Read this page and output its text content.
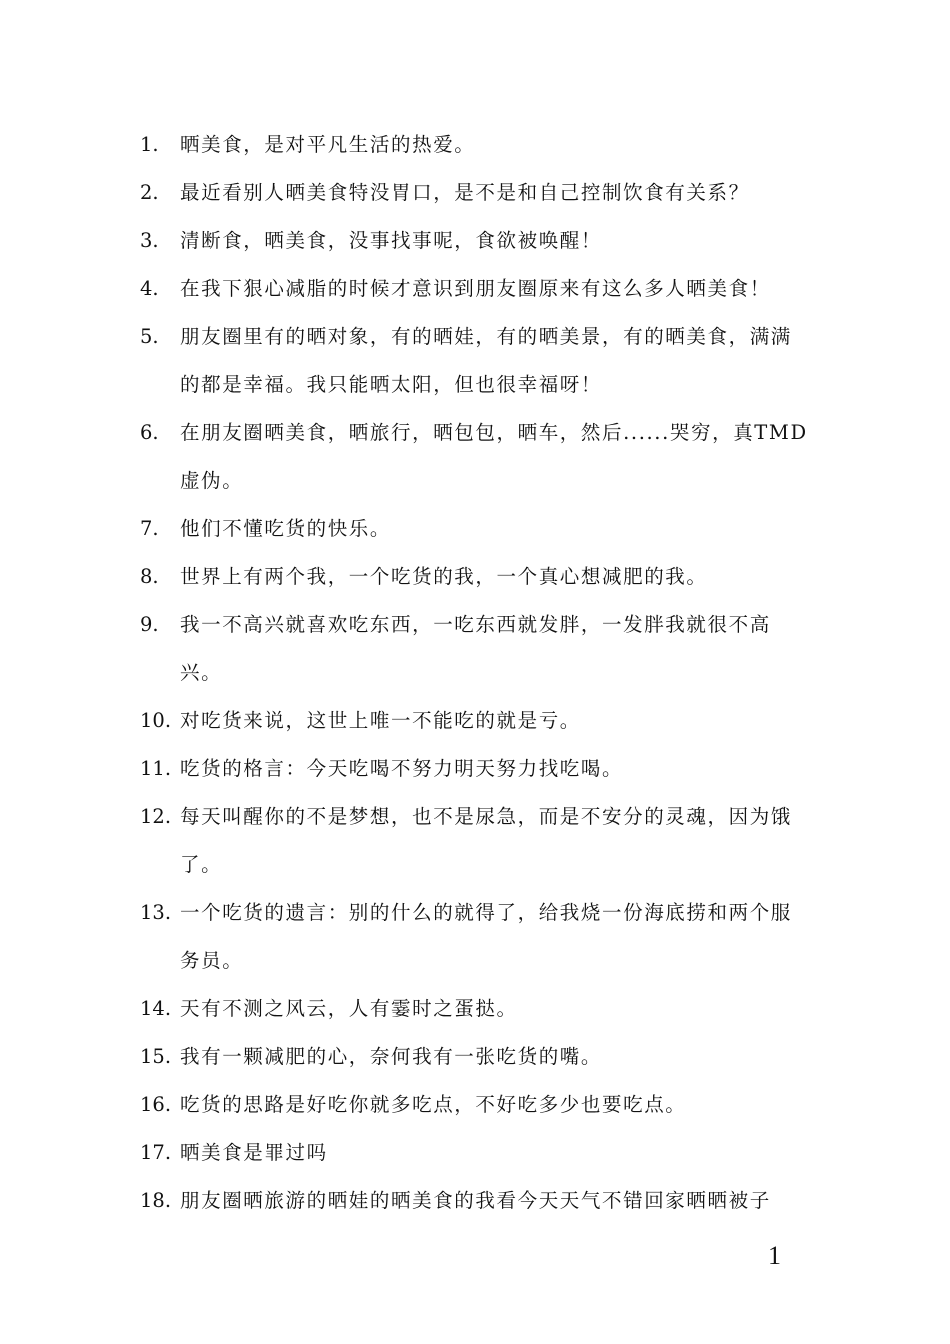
1.	晒美食，是对平凡生活的热爱。
2.	最近看别人晒美食特没胃口，是不是和自己控制饮食有关系？
3.	清断食，晒美食，没事找事呢，食欲被唤醒！
4.	在我下狠心减脂的时候才意识到朋友圈原来有这么多人晒美食！
5.	朋友圈里有的晒对象，有的晒娃，有的晒美景，有的晒美食，满满的都是幸福。我只能晒太阳，但也很幸福呀！
6.	在朋友圈晒美食，晒旅行，晒包包，晒车，然后......哭穷，真TMD虚伪。
7.	他们不懂吃货的快乐。
8.	世界上有两个我，一个吃货的我，一个真心想减肥的我。
9.	我一不高兴就喜欢吃东西，一吃东西就发胖，一发胖我就很不高兴。
10. 对吃货来说，这世上唯一不能吃的就是亏。
11. 吃货的格言：今天吃喝不努力明天努力找吃喝。
12. 每天叫醒你的不是梦想，也不是尿急，而是不安分的灵魂，因为饿了。
13. 一个吃货的遗言：别的什么的就得了，给我烧一份海底捞和两个服务员。
14. 天有不测之风云，人有霎时之蛋挞。
15. 我有一颗减肥的心，奈何我有一张吃货的嘴。
16. 吃货的思路是好吃你就多吃点，不好吃多少也要吃点。
17. 晒美食是罪过吗
18. 朋友圈晒旅游的晒娃的晒美食的我看今天天气不错回家晒晒被子
1
